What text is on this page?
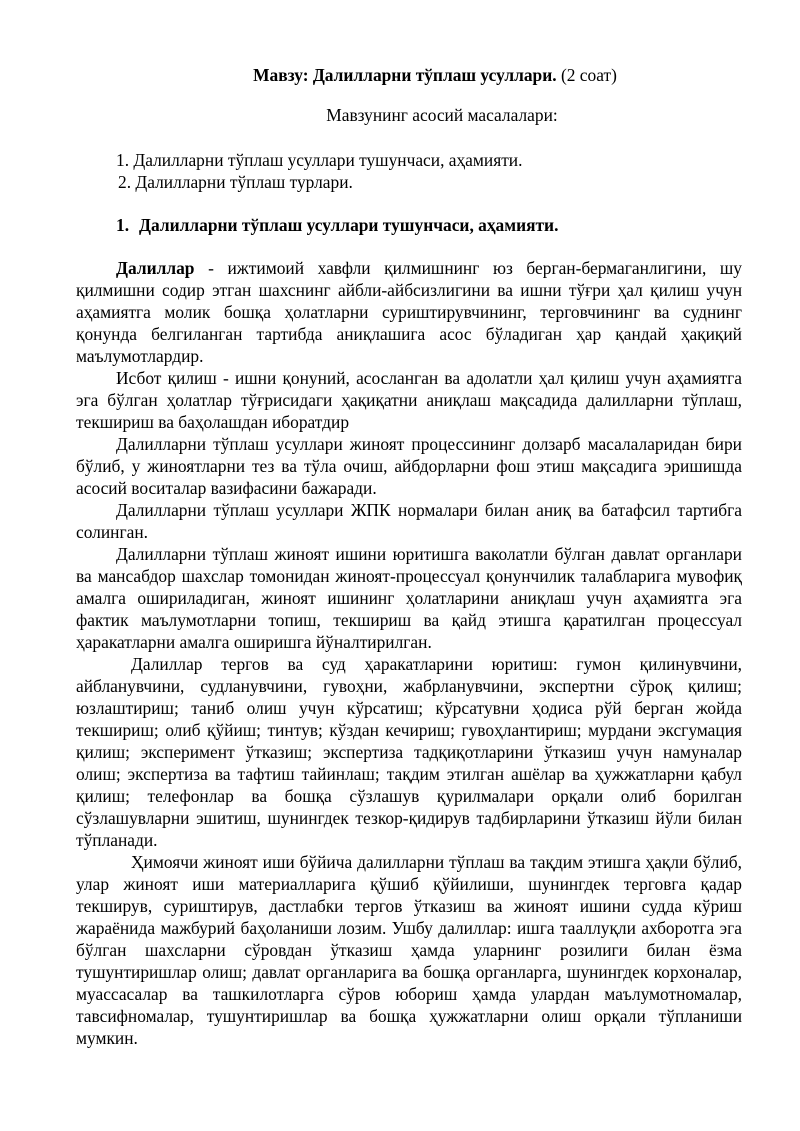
Мавзу: Далилларни тўплаш усуллари. (2 соат)
Мавзунинг асосий масалалари:
1. Далилларни тўплаш усуллари тушунчаси, аҳамияти.
2. Далилларни тўплаш турлари.
1. Далилларни тўплаш усуллари тушунчаси, аҳамияти.

Далиллар - ижтимоий хавфли қилмишнинг юз берган-бермаганлигини, шу қилмишни содир этган шахснинг айбли-айбсизлигини ва ишни тўғри ҳал қилиш учун аҳамиятга молик бошқа ҳолатларни суриштирувчининг, терговчининг ва суднинг қонунда белгиланган тартибда аниқлашига асос бўладиган ҳар қандай ҳақиқий маълумотлардир.

Исбот қилиш - ишни қонуний, асосланган ва адолатли ҳал қилиш учун аҳамиятга эга бўлган ҳолатлар тўғрисидаги ҳақиқатни аниқлаш мақсадида далилларни тўплаш, текшириш ва баҳолашдан иборатдир

Далилларни тўплаш усуллари жиноят процессининг долзарб масалаларидан бири бўлиб, у жиноятларни тез ва тўла очиш, айбдорларни фош этиш мақсадига эришишда асосий воситалар вазифасини бажаради.

Далилларни тўплаш усуллари ЖПК нормалари билан аниқ ва батафсил тартибга солинган.

Далилларни тўплаш жиноят ишини юритишга ваколатли бўлган давлат органлари ва мансабдор шахслар томонидан жиноят-процессуал қонунчилик талабларига мувофиқ амалга ошириладиган, жиноят ишининг ҳолатларини аниқлаш учун аҳамиятга эга фактик маълумотларни топиш, текшириш ва қайд этишга қаратилган процессуал ҳаракатларни амалга оширишга йўналтирилган.

Далиллар тергов ва суд ҳаракатларини юритиш: гумон қилинувчини, айбланувчини, судланувчини, гувоҳни, жабрланувчини, экспертни сўроқ қилиш; юзлаштириш; таниб олиш учун кўрсатиш; кўрсатувни ҳодиса рўй берган жойда текшириш; олиб қўйиш; тинтув; кўздан кечириш; гувоҳлантириш; мурдани эксгумация қилиш; эксперимент ўтказиш; экспертиза тадқиқотларини ўтказиш учун намуналар олиш; экспертиза ва тафтиш тайинлаш; тақдим этилган ашёлар ва ҳужжатларни қабул қилиш; телефонлар ва бошқа сўзлашув қурилмалари орқали олиб борилган сўзлашувларни эшитиш, шунингдек тезкор-қидирув тадбирларини ўтказиш йўли билан тўпланади.

Ҳимоячи жиноят иши бўйича далилларни тўплаш ва тақдим этишга ҳақли бўлиб, улар жиноят иши материалларига қўшиб қўйилиши, шунингдек терговга қадар текширув, суриштирув, дастлабки тергов ўтказиш ва жиноят ишини судда кўриш жараёнида мажбурий баҳоланиши лозим. Ушбу далиллар: ишга тааллуқли ахборотга эга бўлган шахсларни сўровдан ўтказиш ҳамда уларнинг розилиги билан ёзма тушунтиришлар олиш; давлат органларига ва бошқа органларга, шунингдек корхоналар, муассасалар ва ташкилотларга сўров юбориш ҳамда улардан маълумотномалар, тавсифномалар, тушунтиришлар ва бошқа ҳужжатларни олиш орқали тўпланиши мумкин.
